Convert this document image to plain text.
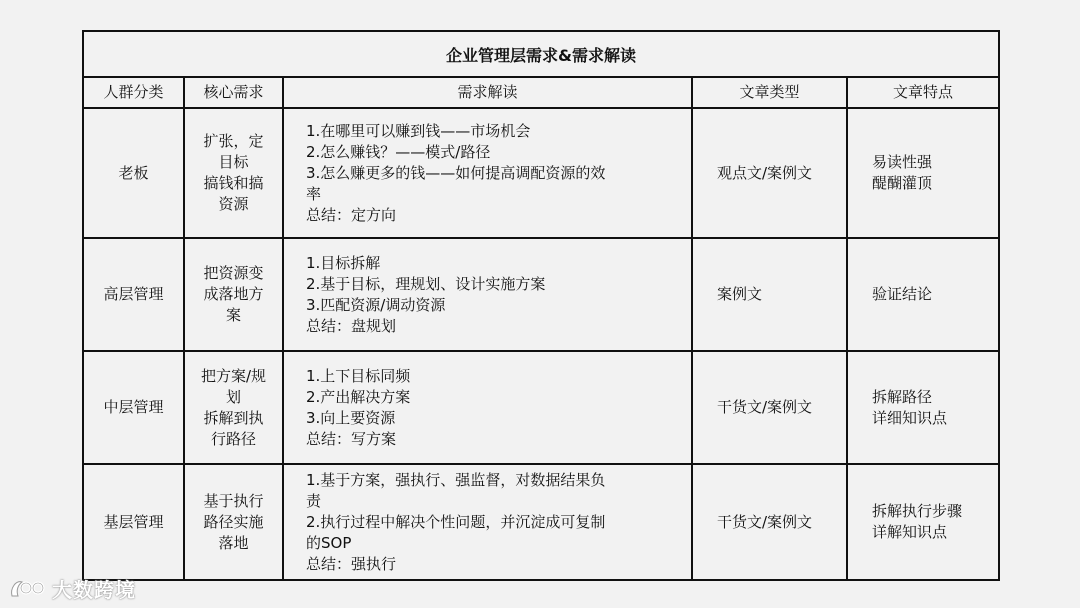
企业管理层需求&需求解读
人群分类	核心需求	需求解读	文章类型	文章特点
老板	扩张，定
目标
搞钱和搞
资源	1.在哪里可以赚到钱——市场机会
2.怎么赚钱？——模式/路径
3.怎么赚更多的钱——如何提高调配资源的效
率
总结：定方向	观点文/案例文	易读性强
醍醐灌顶

高层管理	把资源变
成落地方
案	1.目标拆解
2.基于目标，理规划、设计实施方案
3.匹配资源/调动资源
总结：盘规划	案例文	验证结论

中层管理	把方案/规
划
拆解到执
行路径	1.上下目标同频
2.产出解决方案
3.向上要资源
总结：写方案	干货文/案例文	拆解路径
详细知识点

基层管理	基于执行
路径实施
落地	1.基于方案，强执行、强监督，对数据结果负
责
2.执行过程中解决个性问题，并沉淀成可复制
的SOP
总结：强执行	干货文/案例文	拆解执行步骤
详解知识点
大数跨境
